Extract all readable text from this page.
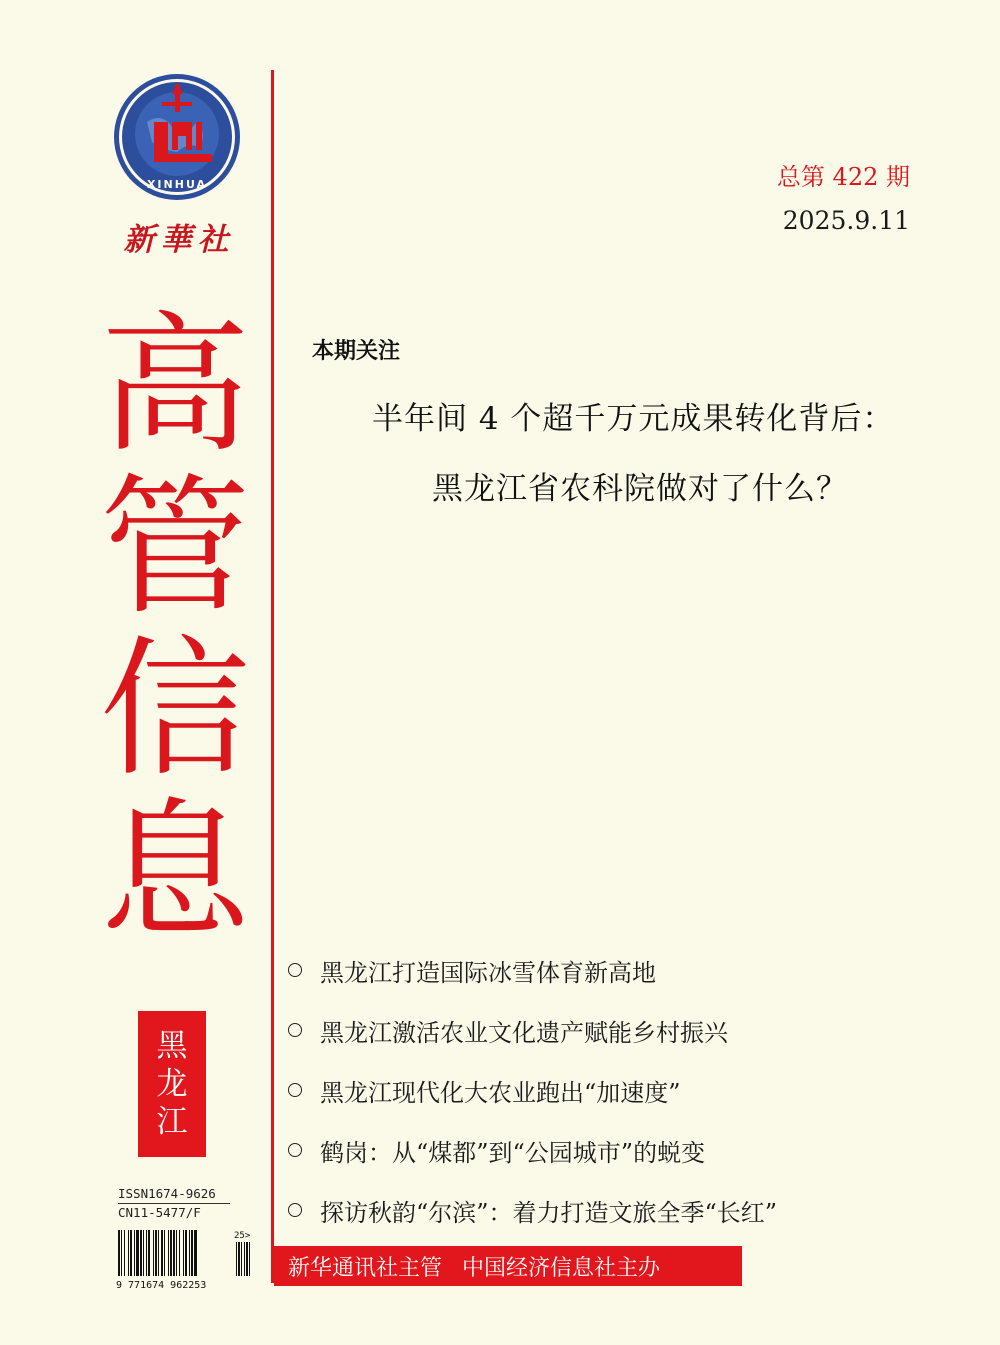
XINHUA
新華社
高
管
信
息
黑
龙
江
ISSN1674-9626
CN11-5477/F
9 771674 962253
25>
总第 422 期
2025.9.11
本期关注
半年间 4 个超千万元成果转化背后：
黑龙江省农科院做对了什么？
黑龙江打造国际冰雪体育新高地
黑龙江激活农业文化遗产赋能乡村振兴
黑龙江现代化大农业跑出“加速度”
鹤岗：从“煤都”到“公园城市”的蜕变
探访秋韵“尔滨”：着力打造文旅全季“长红”
新华通讯社主管 中国经济信息社主办
